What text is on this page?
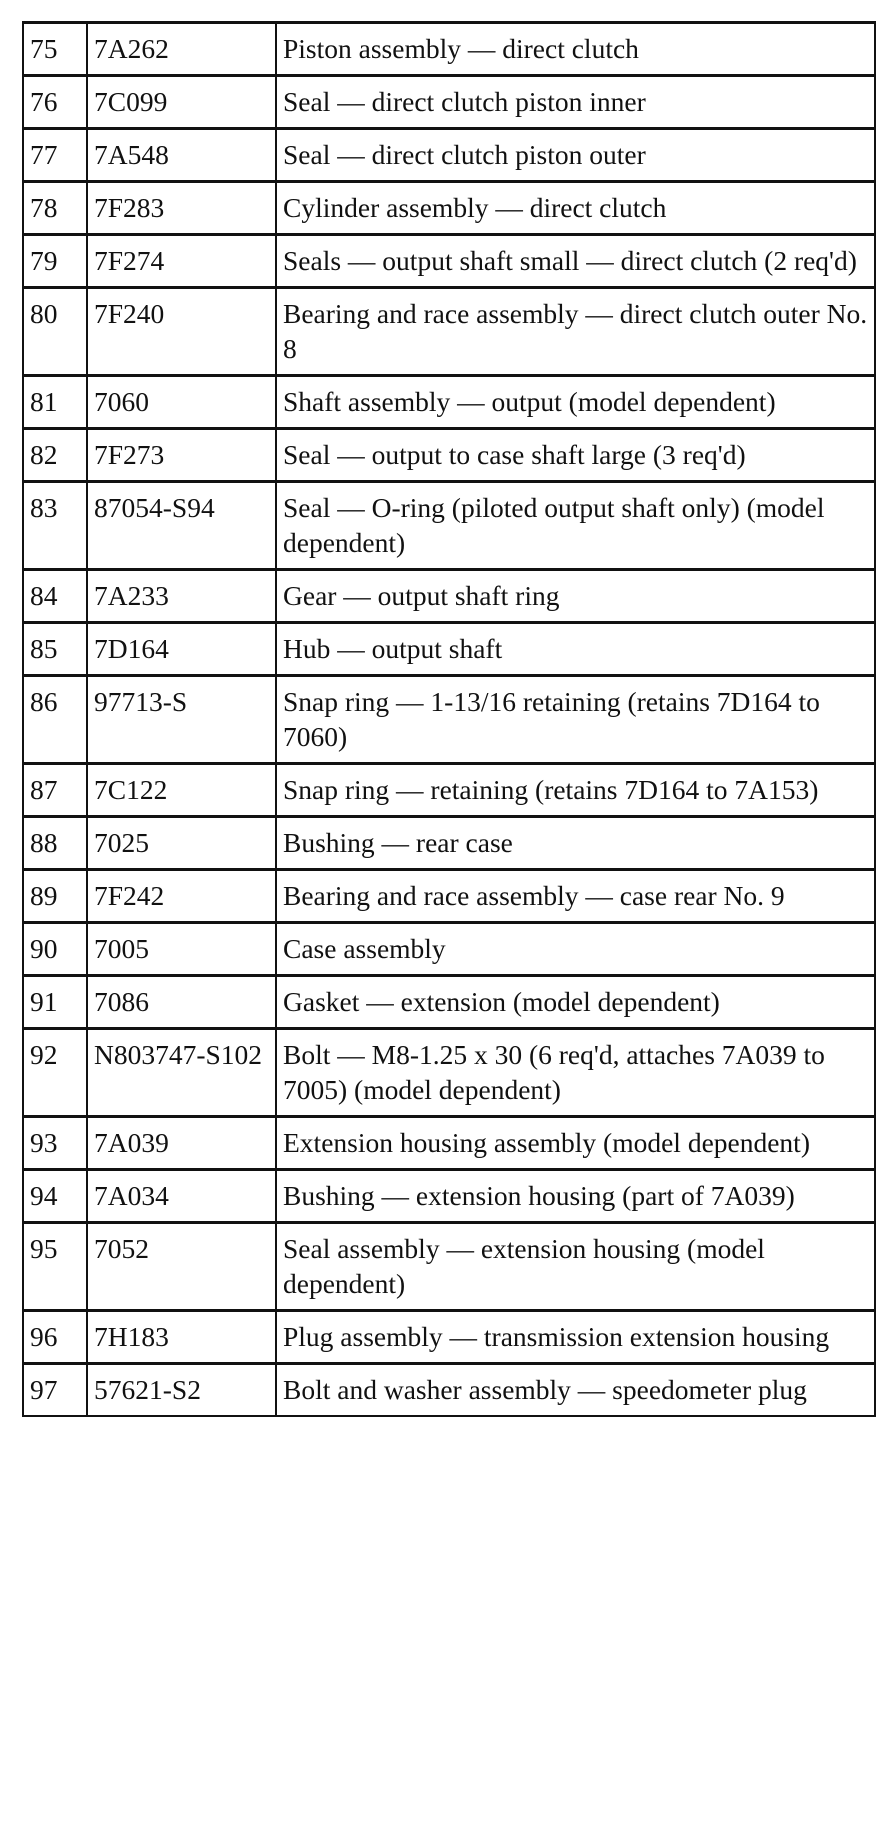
75	7A262	Piston assembly — direct clutch
76	7C099	Seal — direct clutch piston inner
77	7A548	Seal — direct clutch piston outer
78	7F283	Cylinder assembly — direct clutch
79	7F274	Seals — output shaft small — direct clutch (2 req'd)
80	7F240	Bearing and race assembly — direct clutch outer No. 8
81	7060	Shaft assembly — output (model dependent)
82	7F273	Seal — output to case shaft large (3 req'd)
83	87054-S94	Seal — O-ring (piloted output shaft only) (model dependent)
84	7A233	Gear — output shaft ring
85	7D164	Hub — output shaft
86	97713-S	Snap ring — 1-13/16 retaining (retains 7D164 to 7060)
87	7C122	Snap ring — retaining (retains 7D164 to 7A153)
88	7025	Bushing — rear case
89	7F242	Bearing and race assembly — case rear No. 9
90	7005	Case assembly
91	7086	Gasket — extension (model dependent)
92	N803747-S102	Bolt — M8-1.25 x 30 (6 req'd, attaches 7A039 to 7005) (model dependent)
93	7A039	Extension housing assembly (model dependent)
94	7A034	Bushing — extension housing (part of 7A039)
95	7052	Seal assembly — extension housing (model dependent)
96	7H183	Plug assembly — transmission extension housing
97	57621-S2	Bolt and washer assembly — speedometer plug
